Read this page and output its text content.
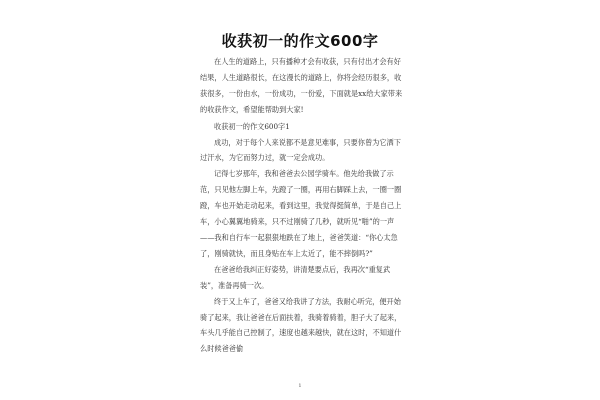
收获初一的作文600字

在人生的道路上，只有播种才会有收获，只有付出才会有好结果，人生道路很长，在这漫长的道路上，你将会经历很多，收获很多，一份由水，一份成功，一份爱，下面就是xx给大家带来的收获作文，希望能帮助到大家!

收获初一的作文600字1

成功，对于每个人来说都不是意见难事，只要你曾为它洒下过汗水，为它而努力过，就一定会成功。

记得七岁那年，我和爸爸去公园学骑车。他先给我做了示范，只见他左脚上车，先蹬了一圈，再用右脚踩上去，一圈一圈蹬，车也开始走动起来，看到这里，我觉得挺简单，于是自己上车，小心翼翼地骑来，只不过刚骑了几秒，就听见“啪”的一声——我和自行车一起狠狠地跌在了地上，爸爸笑道：“你心太急了，刚骑就快，而且身贴在车上太近了，能不摔倒吗?”

在爸爸给我纠正好姿势，讲清楚要点后，我再次“重复武装”，准备再骑一次。

终于又上车了，爸爸又给我讲了方法，我耐心听完，便开始骑了起来，我让爸爸在后面扶着，我骑着骑着，胆子大了起来，车头几乎能自己控制了，速度也越来越快，就在这时，不知道什么时候爸爸偷

1
